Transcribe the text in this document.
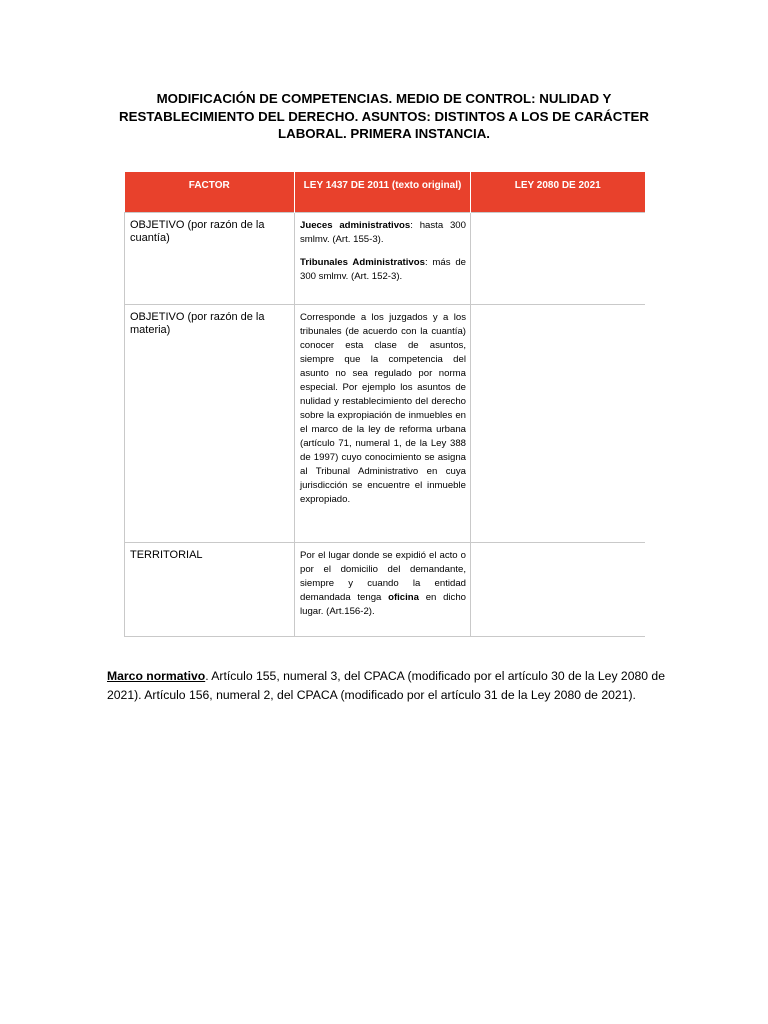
MODIFICACIÓN DE COMPETENCIAS. MEDIO DE CONTROL: NULIDAD Y RESTABLECIMIENTO DEL DERECHO. ASUNTOS: DISTINTOS A LOS DE CARÁCTER LABORAL. PRIMERA INSTANCIA.
FACTOR	LEY 1437 DE 2011 (texto original)	LEY 2080 DE 2021

OBJETIVO (por razón de la cuantía)	Jueces administrativos: hasta 300 smlmv. (Art. 155-3).

Tribunales Administrativos: más de 300 smlmv. (Art. 152-3).	

OBJETIVO (por razón de la materia)	Corresponde a los juzgados y a los tribunales (de acuerdo con la cuantía) conocer esta clase de asuntos, siempre que la competencia del asunto no sea regulado por norma especial. Por ejemplo los asuntos de nulidad y restablecimiento del derecho sobre la expropiación de inmuebles en el marco de la ley de reforma urbana (artículo 71, numeral 1, de la Ley 388 de 1997) cuyo conocimiento se asigna al Tribunal Administrativo en cuya jurisdicción se encuentre el inmueble expropiado.	

TERRITORIAL	Por el lugar donde se expidió el acto o por el domicilio del demandante, siempre y cuando la entidad demandada tenga oficina en dicho lugar. (Art.156-2).	

Marco normativo. Artículo 155, numeral 3, del CPACA (modificado por el artículo 30 de la Ley 2080 de 2021). Artículo 156, numeral 2, del CPACA (modificado por el artículo 31 de la Ley 2080 de 2021).
